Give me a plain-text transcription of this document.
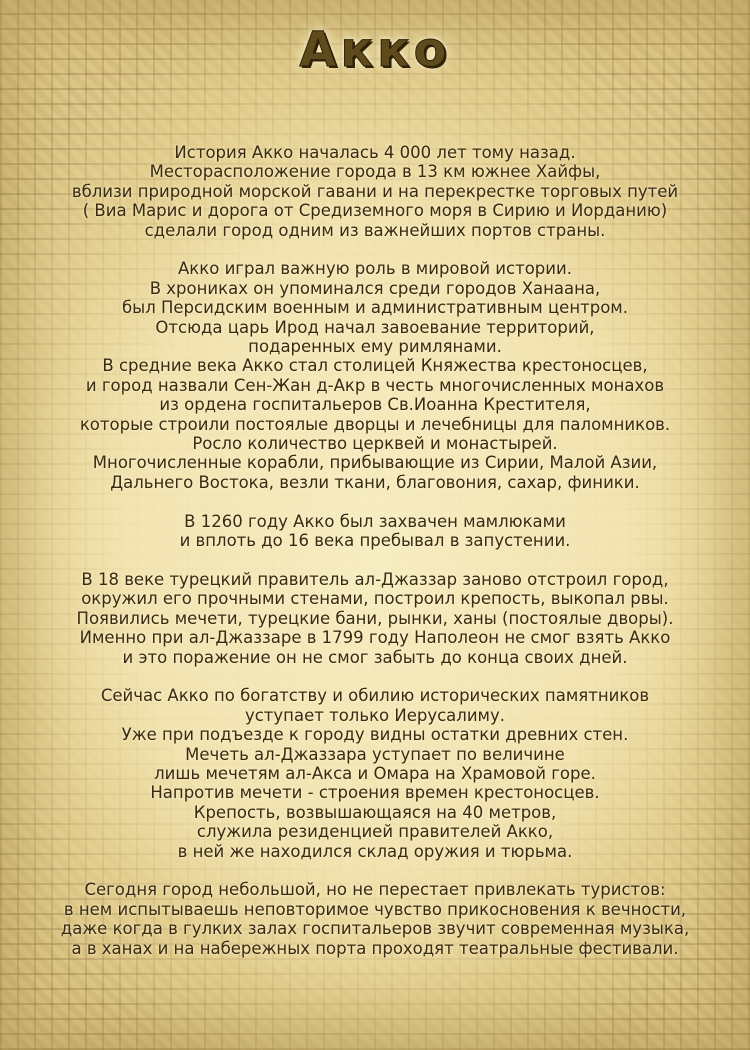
Акко

История Акко началась 4 000 лет тому назад.
Месторасположение города в 13 км южнее Хайфы,
вблизи природной морской гавани и на перекрестке торговых путей
( Виа Марис и дорога от Средиземного моря в Сирию и Иорданию)
сделали город одним из важнейших портов страны.

Акко играл важную роль в мировой истории.
В хрониках он упоминался среди городов Ханаана,
был Персидским военным и административным центром.
Отсюда царь Ирод начал завоевание территорий,
подаренных ему римлянами.
В средние века Акко стал столицей Княжества крестоносцев,
и город назвали Сен-Жан д-Акр в честь многочисленных монахов
из ордена госпитальеров Св.Иоанна Крестителя,
которые строили постоялые дворцы и лечебницы для паломников.
Росло количество церквей и монастырей.
Многочисленные корабли, прибывающие из Сирии, Малой Азии,
Дальнего Востока, везли ткани, благовония, сахар, финики.

В 1260 году Акко был захвачен мамлюками
и вплоть до 16 века пребывал в запустении.

В 18 веке турецкий правитель ал-Джаззар заново отстроил город,
окружил его прочными стенами, построил крепость, выкопал рвы.
Появились мечети, турецкие бани, рынки, ханы (постоялые дворы).
Именно при ал-Джаззаре в 1799 году Наполеон не смог взять Акко
и это поражение он не смог забыть до конца своих дней.

Сейчас Акко по богатству и обилию исторических памятников
уступает только Иерусалиму.
Уже при подъезде к городу видны остатки древних стен.
Мечеть ал-Джаззара уступает по величине
лишь мечетям ал-Акса и Омара на Храмовой горе.
Напротив мечети - строения времен крестоносцев.
Крепость, возвышающаяся на 40 метров,
служила резиденцией правителей Акко,
в ней же находился склад оружия и тюрьма.

Сегодня город небольшой, но не перестает привлекать туристов:
в нем испытываешь неповторимое чувство прикосновения к вечности,
даже когда в гулких залах госпитальеров звучит современная музыка,
а в ханах и на набережных порта проходят театральные фестивали.
